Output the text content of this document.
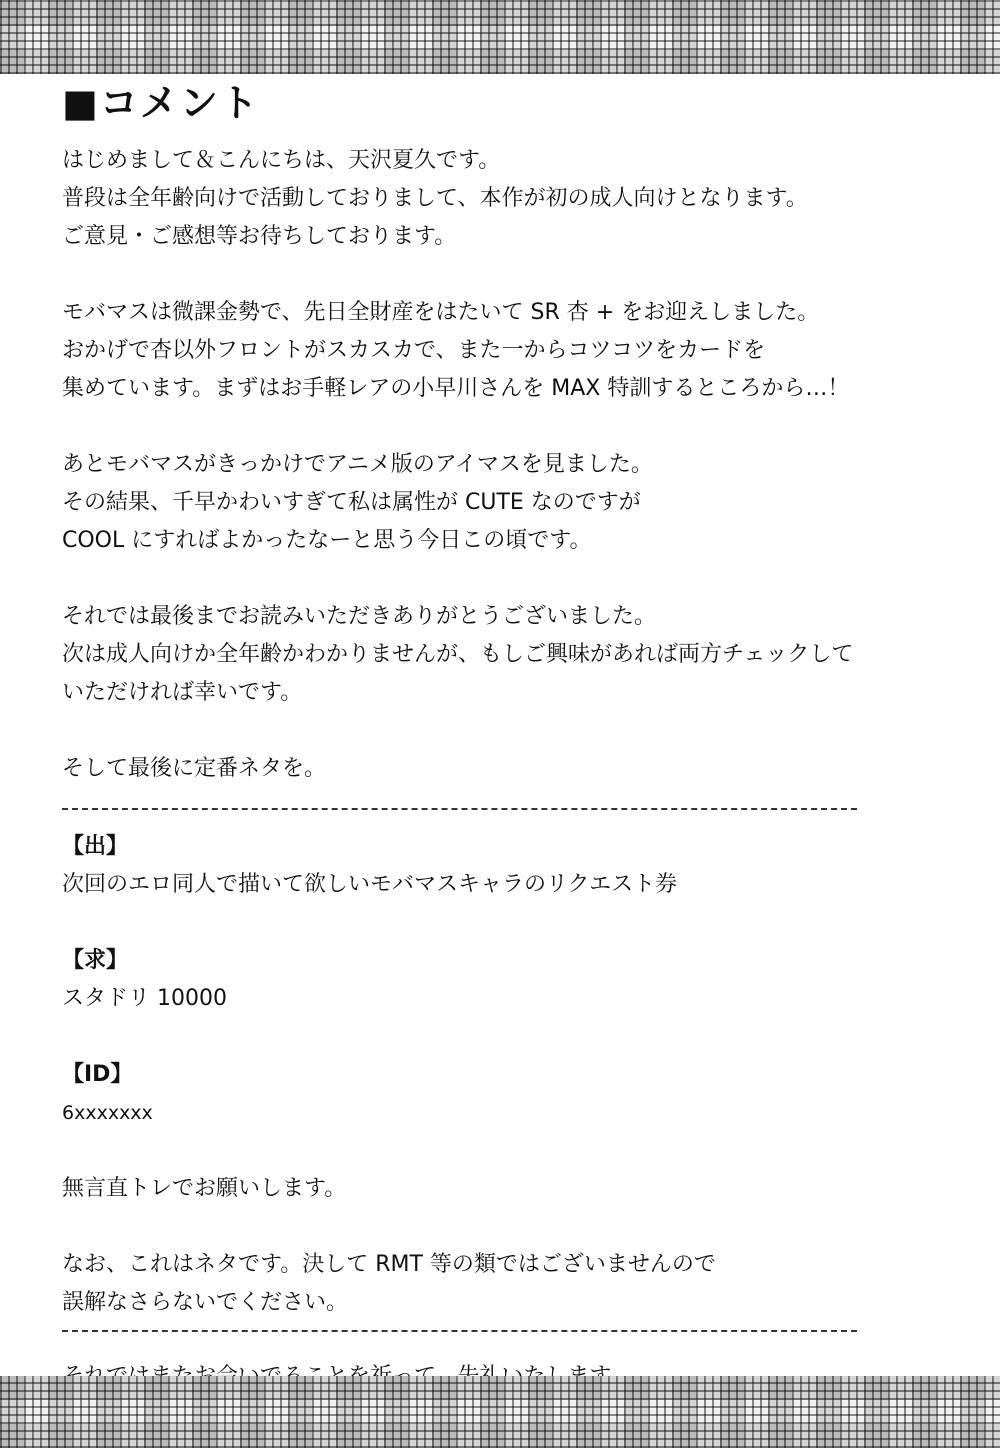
■コメント

はじめまして＆こんにちは、天沢夏久です。

普段は全年齢向けで活動しておりまして、本作が初の成人向けとなります。

ご意見・ご感想等お待ちしております。

モバマスは微課金勢で、先日全財産をはたいて SR 杏 + をお迎えしました。

おかげで杏以外フロントがスカスカで、また一からコツコツをカードを

集めています。まずはお手軽レアの小早川さんを MAX 特訓するところから…！

あとモバマスがきっかけでアニメ版のアイマスを見ました。

その結果、千早かわいすぎて私は属性が CUTE なのですが

COOL にすればよかったなーと思う今日この頃です。

それでは最後までお読みいただきありがとうございました。

次は成人向けか全年齢かわかりませんが、もしご興味があれば両方チェックして

いただければ幸いです。

そして最後に定番ネタを。

【出】

次回のエロ同人で描いて欲しいモバマスキャラのリクエスト券

【求】

スタドリ 10000

【ID】

6xxxxxxx

無言直トレでお願いします。

なお、これはネタです。決して RMT 等の類ではございませんので

誤解なさらないでください。
